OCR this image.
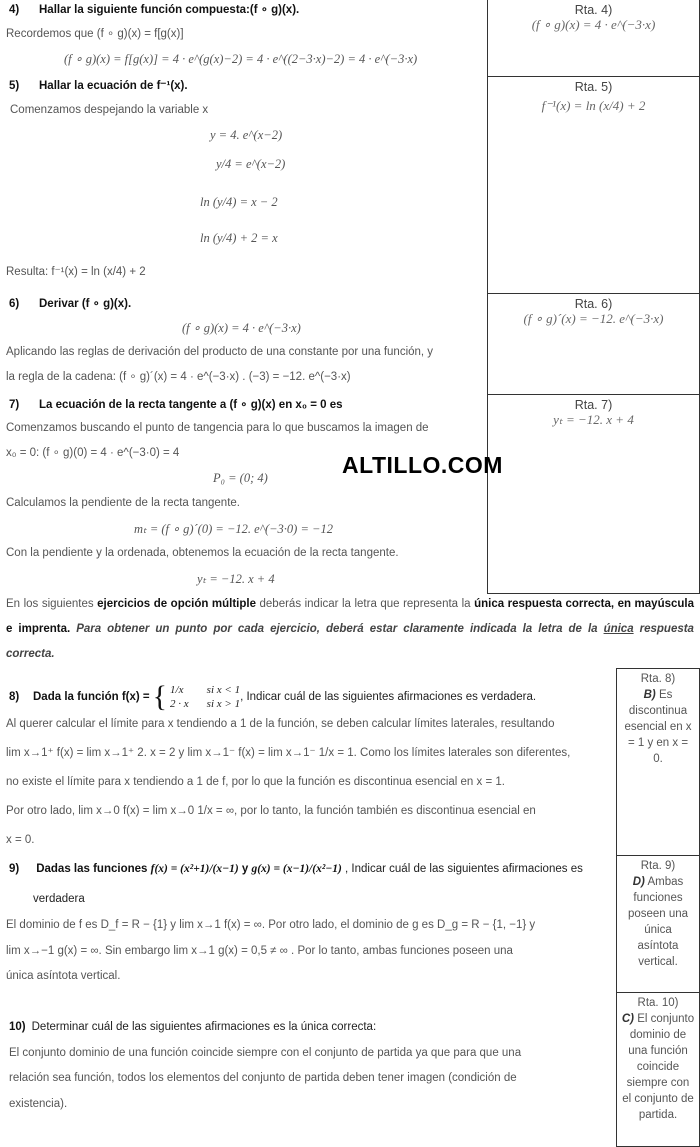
Rta. 4)
(f ∘ g)(x) = 4 · e^(−3·x)
Rta. 5)
f⁻¹(x) = ln (x/4) + 2
Rta. 6)
(f ∘ g)´(x) = −12. e^(−3·x)
Rta. 7)
yₜ = −12. x + 4
4) Hallar la siguiente función compuesta:(f ∘ g)(x).
Recordemos que (f ∘ g)(x) = f[g(x)]
(f ∘ g)(x) = f[g(x)] = 4 · e^(g(x)−2) = 4 · e^((2−3·x)−2) = 4 · e^(−3·x)
5) Hallar la ecuación de f⁻¹(x).
Comenzamos despejando la variable x
y = 4. e^(x−2)
y/4 = e^(x−2)
ln (y/4) = x − 2
ln (y/4) + 2 = x
Resulta: f⁻¹(x) = ln (x/4) + 2
6) Derivar (f ∘ g)(x).
(f ∘ g)(x) = 4 · e^(−3·x)
Aplicando las reglas de derivación del producto de una constante por una función, y
la regla de la cadena: (f ∘ g)´(x) = 4 · e^(−3·x) . (−3) = −12. e^(−3·x)
7) La ecuación de la recta tangente a (f ∘ g)(x) en x₀ = 0 es
Comenzamos buscando el punto de tangencia para lo que buscamos la imagen de
x₀ = 0: (f ∘ g)(0) = 4 · e^(−3·0) = 4
P₀ = (0; 4)
Calculamos la pendiente de la recta tangente.
mₜ = (f ∘ g)´(0) = −12. e^(−3·0) = −12
Con la pendiente y la ordenada, obtenemos la ecuación de la recta tangente.
yₜ = −12. x + 4
ALTILLO.COM
En los siguientes ejercicios de opción múltiple deberás indicar la letra que representa la única respuesta correcta, en mayúscula e imprenta. Para obtener un punto por cada ejercicio, deberá estar claramente indicada la letra de la única respuesta correcta.
Rta. 8)
B) Es discontinua esencial en x = 1 y en x = 0.
Rta. 9)
D) Ambas funciones poseen una única asíntota vertical.
Rta. 10)
C) El conjunto dominio de una función coincide siempre con el conjunto de partida.
8)	Dada la función f(x) = { 1/x	si x < 1
2 · x si x > 1
, Indicar cuál de las siguientes afirmaciones es verdadera.
Al querer calcular el límite para x tendiendo a 1 de la función, se deben calcular límites laterales, resultando
lim x→1⁺ f(x) = lim x→1⁺ 2. x = 2 y lim x→1⁻ f(x) = lim x→1⁻ 1/x = 1. Como los límites laterales son diferentes,
no existe el límite para x tendiendo a 1 de f, por lo que la función es discontinua esencial en x = 1.
Por otro lado, lim x→0 f(x) = lim x→0 1/x = ∞, por lo tanto, la función también es discontinua esencial en
x = 0.
9) Dadas las funciones f(x) = (x²+1)/(x−1) y g(x) = (x−1)/(x²−1) , Indicar cuál de las siguientes afirmaciones es
verdadera
El dominio de f es D_f = R − {1} y lim x→1 f(x) = ∞. Por otro lado, el dominio de g es D_g = R − {1, −1} y
lim x→−1 g(x) = ∞. Sin embargo lim x→1 g(x) = 0,5 ≠ ∞ . Por lo tanto, ambas funciones poseen una
única asíntota vertical.
10) Determinar cuál de las siguientes afirmaciones es la única correcta:
El conjunto dominio de una función coincide siempre con el conjunto de partida ya que para que una
relación sea función, todos los elementos del conjunto de partida deben tener imagen (condición de
existencia).
